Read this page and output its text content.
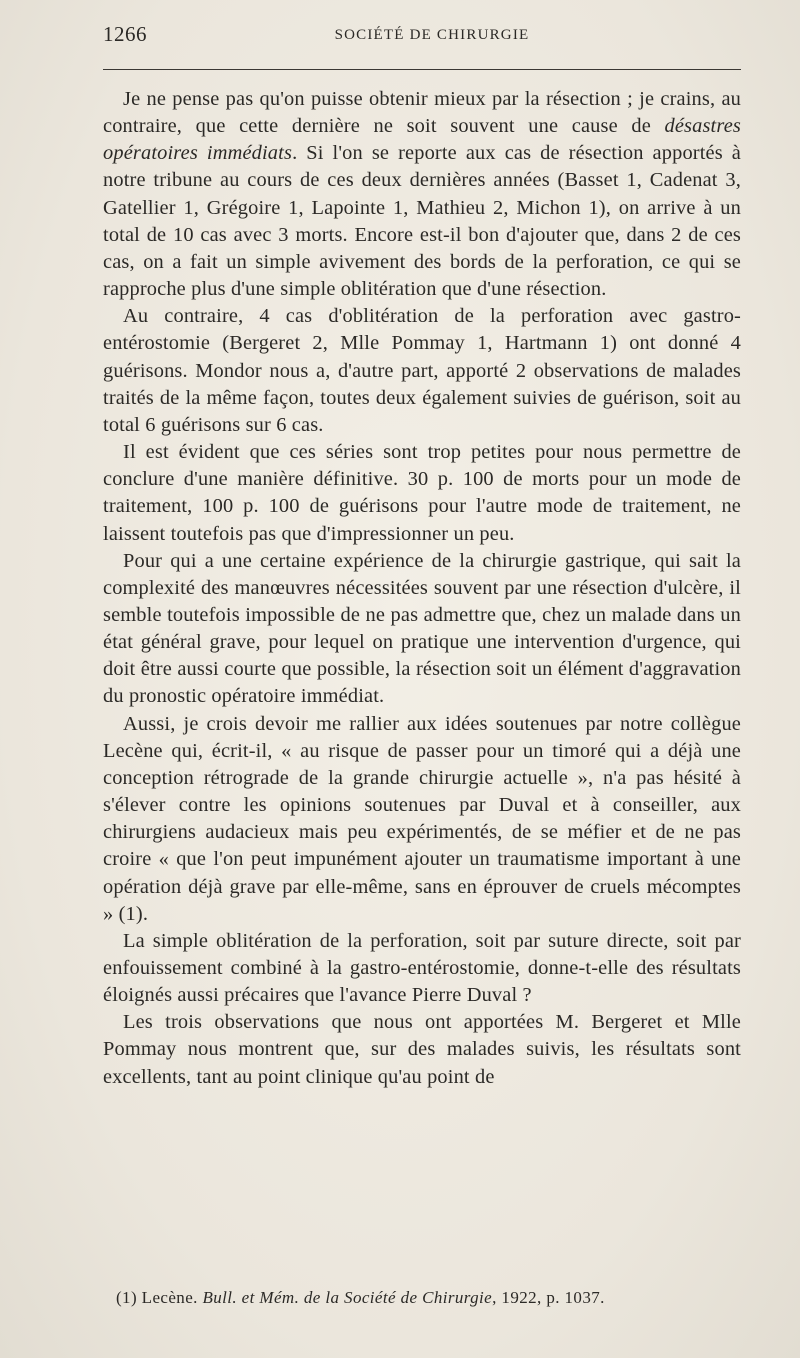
1266	SOCIÉTÉ DE CHIRURGIE

Je ne pense pas qu'on puisse obtenir mieux par la résection ; je crains, au contraire, que cette dernière ne soit souvent une cause de désastres opératoires immédiats. Si l'on se reporte aux cas de résection apportés à notre tribune au cours de ces deux dernières années (Basset 1, Cadenat 3, Gatellier 1, Grégoire 1, Lapointe 1, Mathieu 2, Michon 1), on arrive à un total de 10 cas avec 3 morts. Encore est-il bon d'ajouter que, dans 2 de ces cas, on a fait un simple avivement des bords de la perforation, ce qui se rapproche plus d'une simple oblitération que d'une résection.

Au contraire, 4 cas d'oblitération de la perforation avec gastro-entérostomie (Bergeret 2, Mlle Pommay 1, Hartmann 1) ont donné 4 guérisons. Mondor nous a, d'autre part, apporté 2 observations de malades traités de la même façon, toutes deux également suivies de guérison, soit au total 6 guérisons sur 6 cas.

Il est évident que ces séries sont trop petites pour nous permettre de conclure d'une manière définitive. 30 p. 100 de morts pour un mode de traitement, 100 p. 100 de guérisons pour l'autre mode de traitement, ne laissent toutefois pas que d'impressionner un peu.

Pour qui a une certaine expérience de la chirurgie gastrique, qui sait la complexité des manœuvres nécessitées souvent par une résection d'ulcère, il semble toutefois impossible de ne pas admettre que, chez un malade dans un état général grave, pour lequel on pratique une intervention d'urgence, qui doit être aussi courte que possible, la résection soit un élément d'aggravation du pronostic opératoire immédiat.

Aussi, je crois devoir me rallier aux idées soutenues par notre collègue Lecène qui, écrit-il, « au risque de passer pour un timoré qui a déjà une conception rétrograde de la grande chirurgie actuelle », n'a pas hésité à s'élever contre les opinions soutenues par Duval et à conseiller, aux chirurgiens audacieux mais peu expérimentés, de se méfier et de ne pas croire « que l'on peut impunément ajouter un traumatisme important à une opération déjà grave par elle-même, sans en éprouver de cruels mécomptes » (1).

La simple oblitération de la perforation, soit par suture directe, soit par enfouissement combiné à la gastro-entérostomie, donne-t-elle des résultats éloignés aussi précaires que l'avance Pierre Duval ?

Les trois observations que nous ont apportées M. Bergeret et Mlle Pommay nous montrent que, sur des malades suivis, les résultats sont excellents, tant au point clinique qu'au point de

(1) Lecène. Bull. et Mém. de la Société de Chirurgie, 1922, p. 1037.
